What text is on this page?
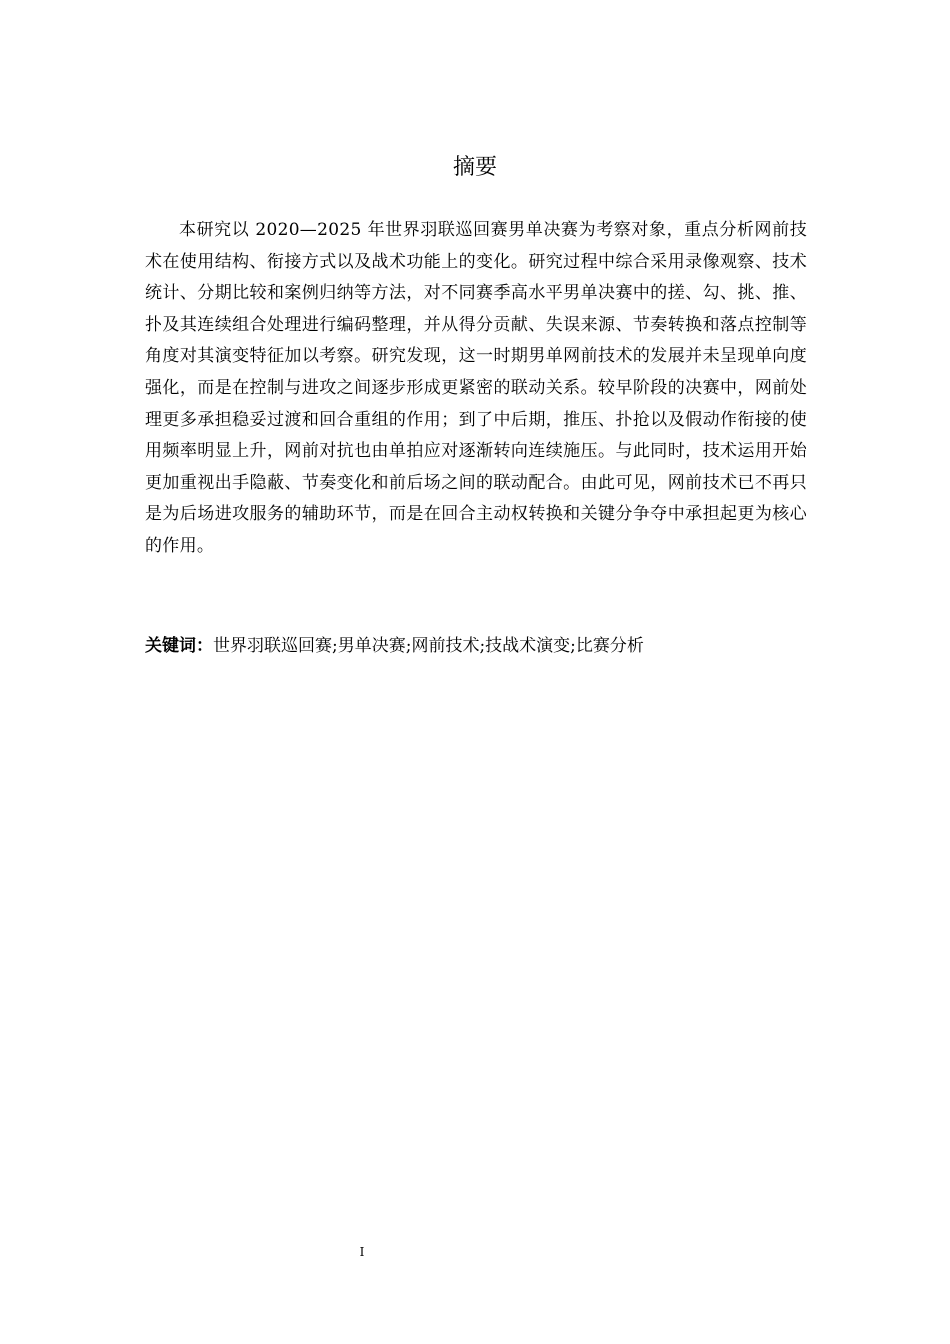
摘要

本研究以 2020—2025 年世界羽联巡回赛男单决赛为考察对象，重点分析网前技术在使用结构、衔接方式以及战术功能上的变化。研究过程中综合采用录像观察、技术统计、分期比较和案例归纳等方法，对不同赛季高水平男单决赛中的搓、勾、挑、推、扑及其连续组合处理进行编码整理，并从得分贡献、失误来源、节奏转换和落点控制等角度对其演变特征加以考察。研究发现，这一时期男单网前技术的发展并未呈现单向度强化，而是在控制与进攻之间逐步形成更紧密的联动关系。较早阶段的决赛中，网前处理更多承担稳妥过渡和回合重组的作用；到了中后期，推压、扑抢以及假动作衔接的使用频率明显上升，网前对抗也由单拍应对逐渐转向连续施压。与此同时，技术运用开始更加重视出手隐蔽、节奏变化和前后场之间的联动配合。由此可见，网前技术已不再只是为后场进攻服务的辅助环节，而是在回合主动权转换和关键分争夺中承担起更为核心的作用。

关键词：世界羽联巡回赛;男单决赛;网前技术;技战术演变;比赛分析

I
